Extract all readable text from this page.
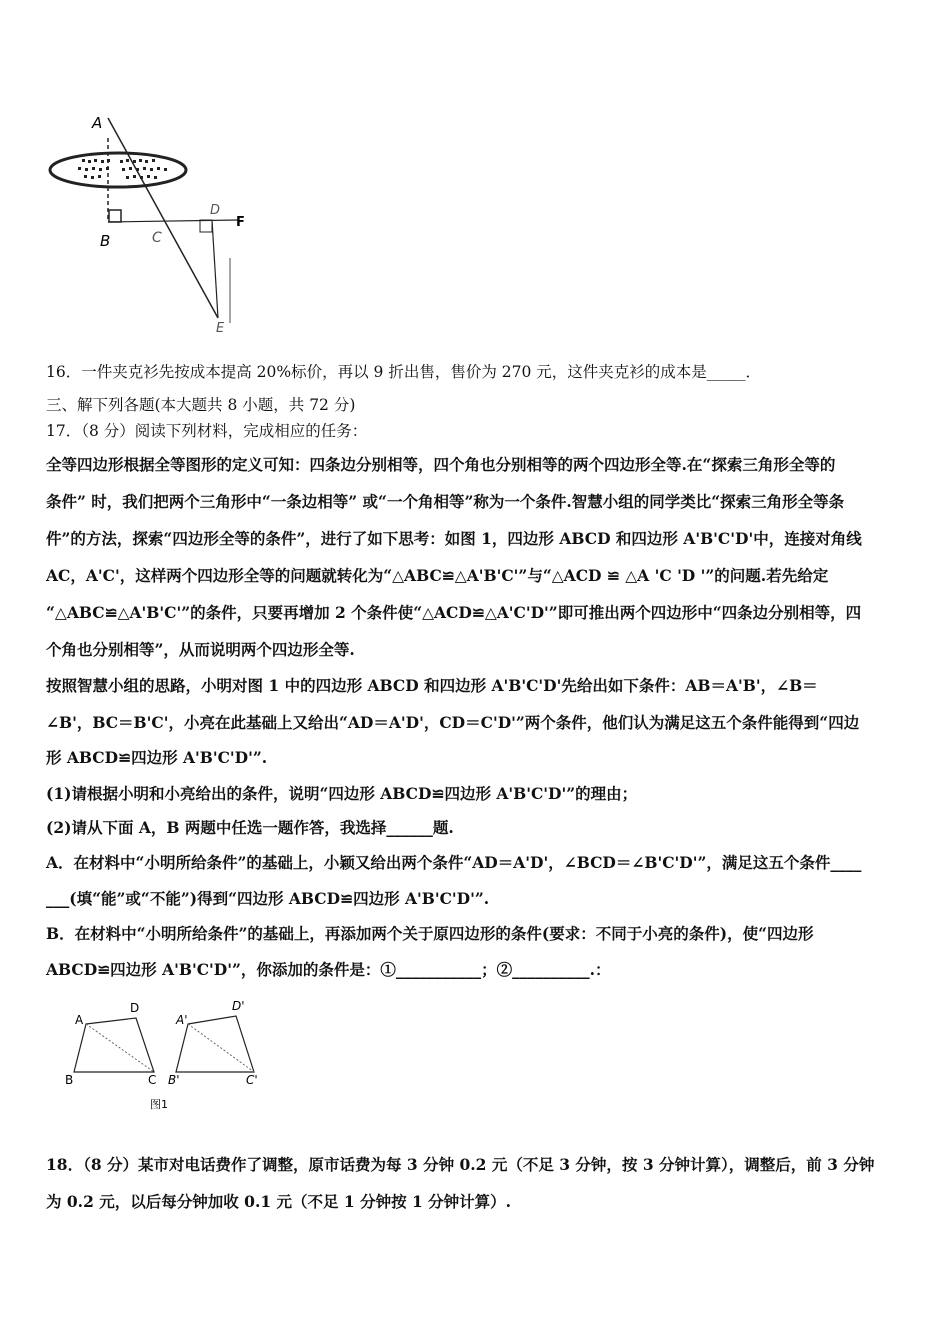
A
B	C
D
F
E
16．一件夹克衫先按成本提高 20%标价，再以 9 折出售，售价为 270 元，这件夹克衫的成本是_____．
三、解下列各题(本大题共 8 小题，共 72 分)
17．（8 分）阅读下列材料，完成相应的任务：
全等四边形根据全等图形的定义可知：四条边分别相等，四个角也分别相等的两个四边形全等.在“探索三角形全等的
条件” 时，我们把两个三角形中“一条边相等” 或“一个角相等”称为一个条件.智慧小组的同学类比“探索三角形全等条
件”的方法，探索“四边形全等的条件”，进行了如下思考：如图 1，四边形 ABCD 和四边形 A'B'C'D'中，连接对角线
AC，A'C'，这样两个四边形全等的问题就转化为“△ABC≌△A'B'C'”与“△ACD ≌ △A 'C 'D '”的问题.若先给定
“△ABC≌△A'B'C'”的条件，只要再增加 2 个条件使“△ACD≌△A'C'D'”即可推出两个四边形中“四条边分别相等，四
个角也分别相等”，从而说明两个四边形全等.
按照智慧小组的思路，小明对图 1 中的四边形 ABCD 和四边形 A'B'C'D'先给出如下条件：AB＝A'B'，∠B＝
∠B'，BC＝B'C'，小亮在此基础上又给出“AD＝A'D'，CD＝C'D'”两个条件，他们认为满足这五个条件能得到“四边
形 ABCD≌四边形 A'B'C'D'”.
(1)请根据小明和小亮给出的条件，说明“四边形 ABCD≌四边形 A'B'C'D'”的理由；
(2)请从下面 A，B 两题中任选一题作答，我选择______题.
A．在材料中“小明所给条件”的基础上，小颖又给出两个条件“AD＝A'D'，∠BCD＝∠B'C'D'”，满足这五个条件____
___(填“能”或“不能”)得到“四边形 ABCD≌四边形 A'B'C'D'”.
B．在材料中“小明所给条件”的基础上，再添加两个关于原四边形的条件(要求：不同于小亮的条件)，使“四边形
ABCD≌四边形 A'B'C'D'”，你添加的条件是：①___________；②__________.：
A
D
B	C
A'
D'
B'	C'
图1
18．（8 分）某市对电话费作了调整，原市话费为每 3 分钟 0.2 元（不足 3 分钟，按 3 分钟计算），调整后，前 3 分钟
为 0.2 元，以后每分钟加收 0.1 元（不足 1 分钟按 1 分钟计算）.
